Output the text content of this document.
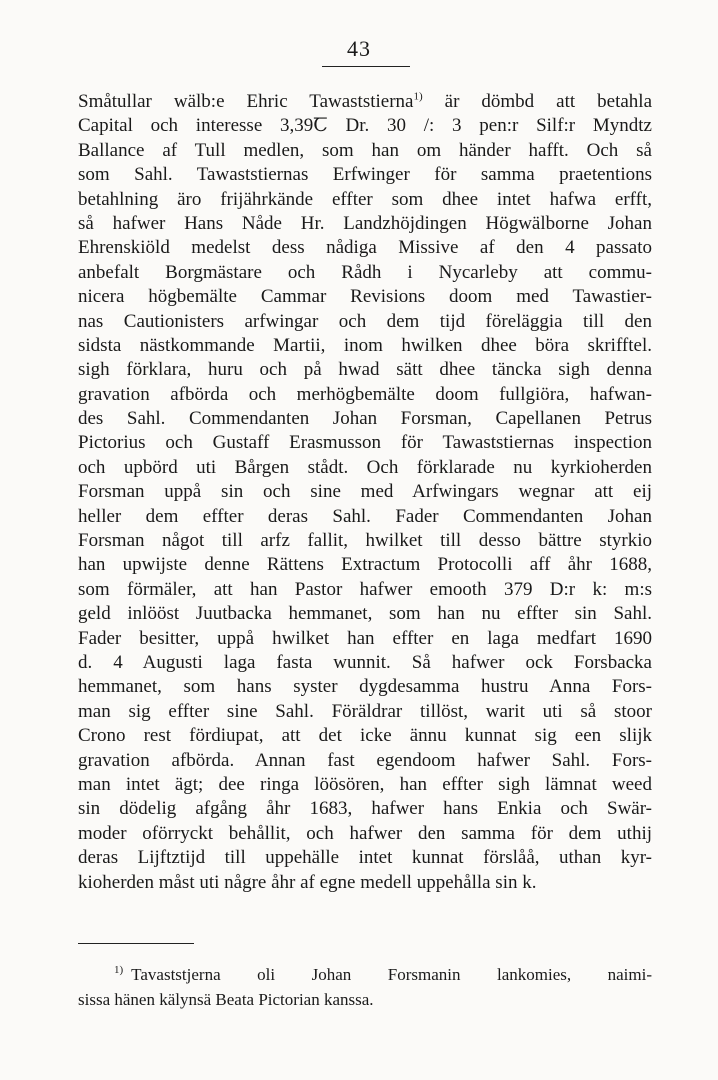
43
Småtullar wälb:e Ehric Tawaststierna$^{1)}$ är dömbd att betahla
Capital och interesse 3,39Ꞇ Dr. 30 /: 3 pen:r Silf:r Myndtz
Ballance af Tull medlen, som han om händer hafft. Och så
som Sahl. Tawaststiernas Erfwinger för samma praetentions
betahlning äro frijährkände effter som dhee intet hafwa erfft,
så hafwer Hans Nåde Hr. Landzhöjdingen Högwälborne Johan
Ehrenskiöld medelst dess nådiga Missive af den 4 passato
anbefalt Borgmästare och Rådh i Nycarleby att commu-
nicera högbemälte Cammar Revisions doom med Tawastier-
nas Cautionisters arfwingar och dem tijd föreläggia till den
sidsta nästkommande Martii, inom hwilken dhee böra skrifftel.
sigh förklara, huru och på hwad sätt dhee täncka sigh denna
gravation afbörda och merhögbemälte doom fullgiöra, hafwan-
des Sahl. Commendanten Johan Forsman, Capellanen Petrus
Pictorius och Gustaff Erasmusson för Tawaststiernas inspection
och upbörd uti Bårgen stådt. Och förklarade nu kyrkioherden
Forsman uppå sin och sine med Arfwingars wegnar att eij
heller dem effter deras Sahl. Fader Commendanten Johan
Forsman något till arfz fallit, hwilket till desso bättre styrkio
han upwijste denne Rättens Extractum Protocolli aff åhr 1688,
som förmäler, att han Pastor hafwer emooth 379 D:r k: m:s
geld inlööst Juutbacka hemmanet, som han nu effter sin Sahl.
Fader besitter, uppå hwilket han effter en laga medfart 1690
d. 4 Augusti laga fasta wunnit. Så hafwer ock Forsbacka
hemmanet, som hans syster dygdesamma hustru Anna Fors-
man sig effter sine Sahl. Föräldrar tillöst, warit uti så stoor
Crono rest fördiupat, att det icke ännu kunnat sig een slijk
gravation afbörda. Annan fast egendoom hafwer Sahl. Fors-
man intet ägt; dee ringa löösören, han effter sigh lämnat weed
sin dödelig afgång åhr 1683, hafwer hans Enkia och Swär-
moder oförryckt behållit, och hafwer den samma för dem uthij
deras Lijftztijd till uppehälle intet kunnat förslåå, uthan kyr-
kioherden måst uti någre åhr af egne medell uppehålla sin k.
$^{1)}$ Tavaststjerna oli Johan Forsmanin lankomies, naimi-
sissa hänen kälynsä Beata Pictorian kanssa.
